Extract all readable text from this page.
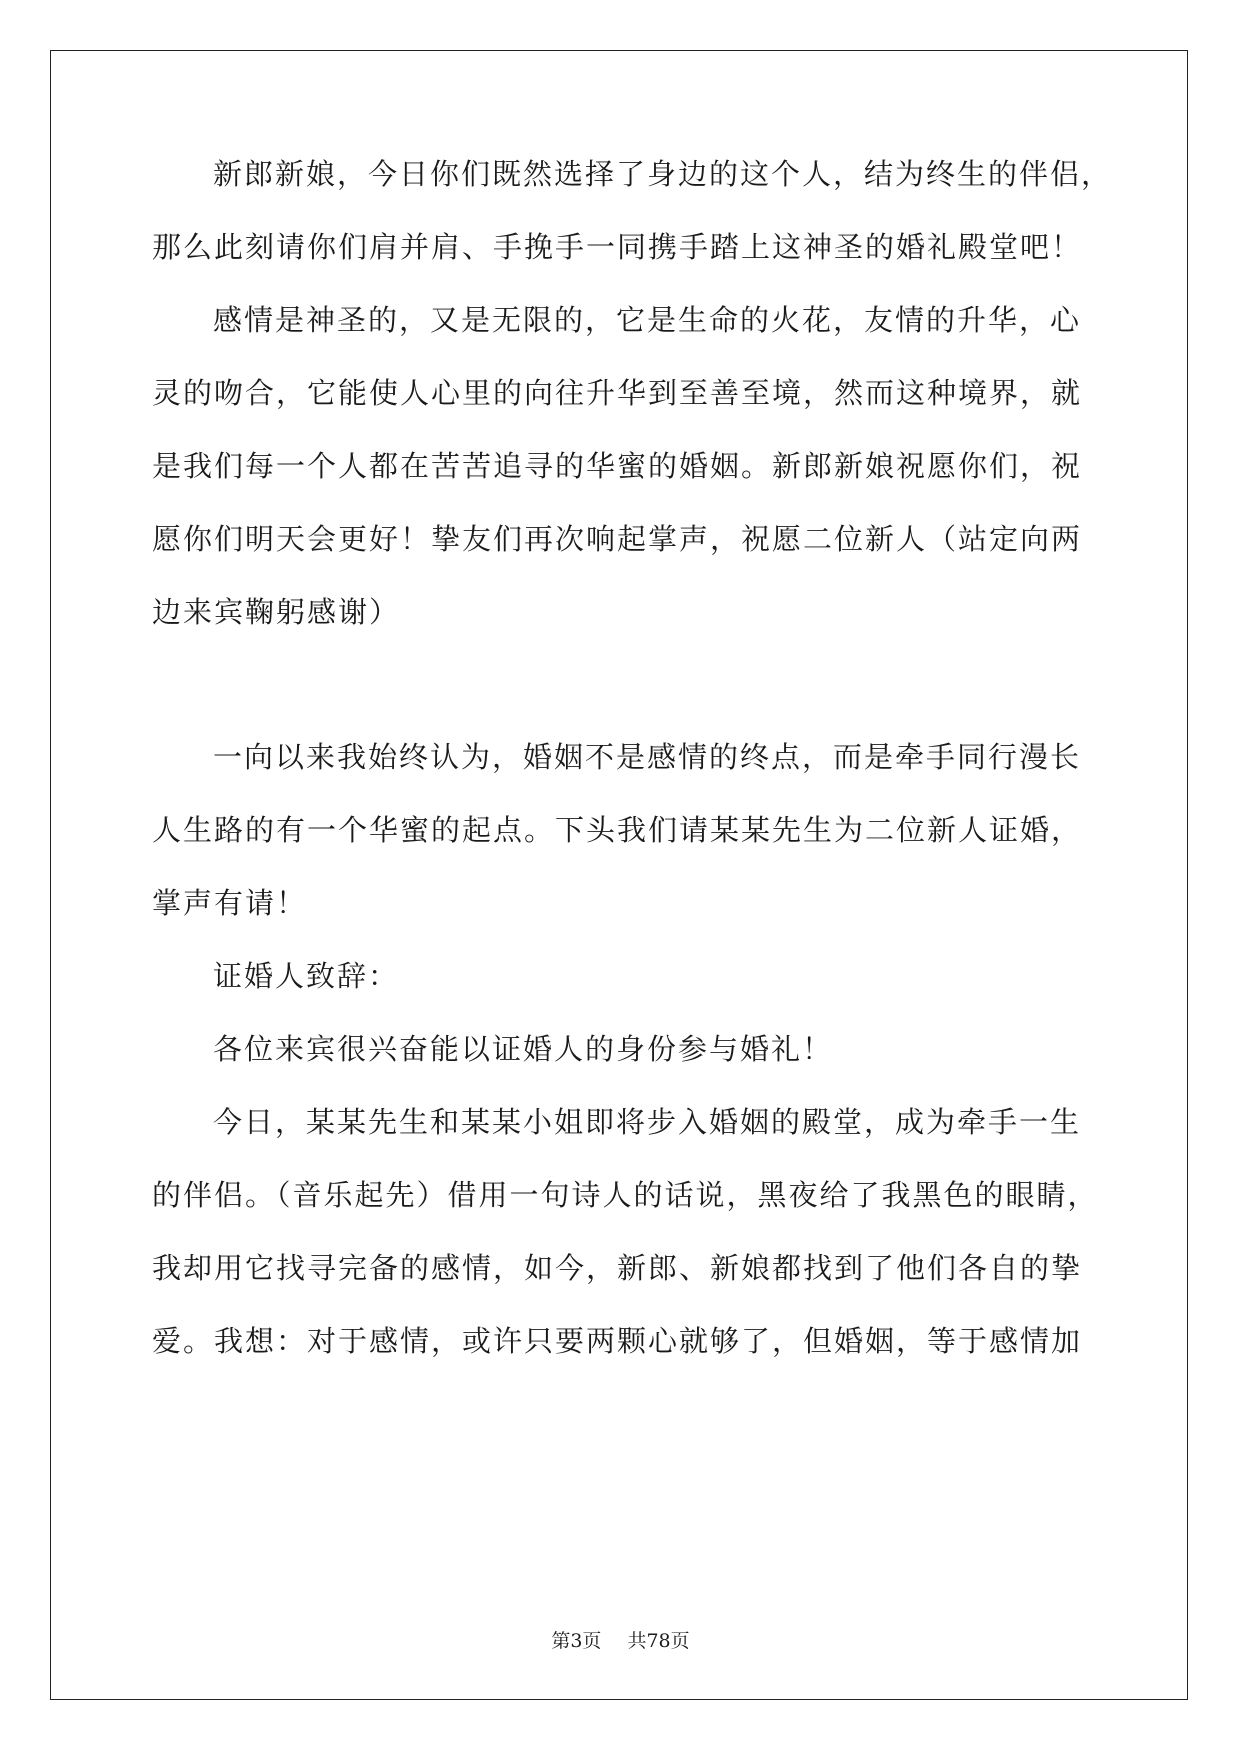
新郎新娘，今日你们既然选择了身边的这个人，结为终生的伴侣，
那么此刻请你们肩并肩、手挽手一同携手踏上这神圣的婚礼殿堂吧！
感情是神圣的，又是无限的，它是生命的火花，友情的升华，心
灵的吻合，它能使人心里的向往升华到至善至境，然而这种境界，就
是我们每一个人都在苦苦追寻的华蜜的婚姻。新郎新娘祝愿你们，祝
愿你们明天会更好！挚友们再次响起掌声，祝愿二位新人（站定向两
边来宾鞠躬感谢）
一向以来我始终认为，婚姻不是感情的终点，而是牵手同行漫长
人生路的有一个华蜜的起点。下头我们请某某先生为二位新人证婚，
掌声有请！
证婚人致辞：
各位来宾很兴奋能以证婚人的身份参与婚礼！
今日，某某先生和某某小姐即将步入婚姻的殿堂，成为牵手一生
的伴侣。（音乐起先）借用一句诗人的话说，黑夜给了我黑色的眼睛，
我却用它找寻完备的感情，如今，新郎、新娘都找到了他们各自的挚
爱。我想：对于感情，或许只要两颗心就够了，但婚姻，等于感情加
第3页 共78页
